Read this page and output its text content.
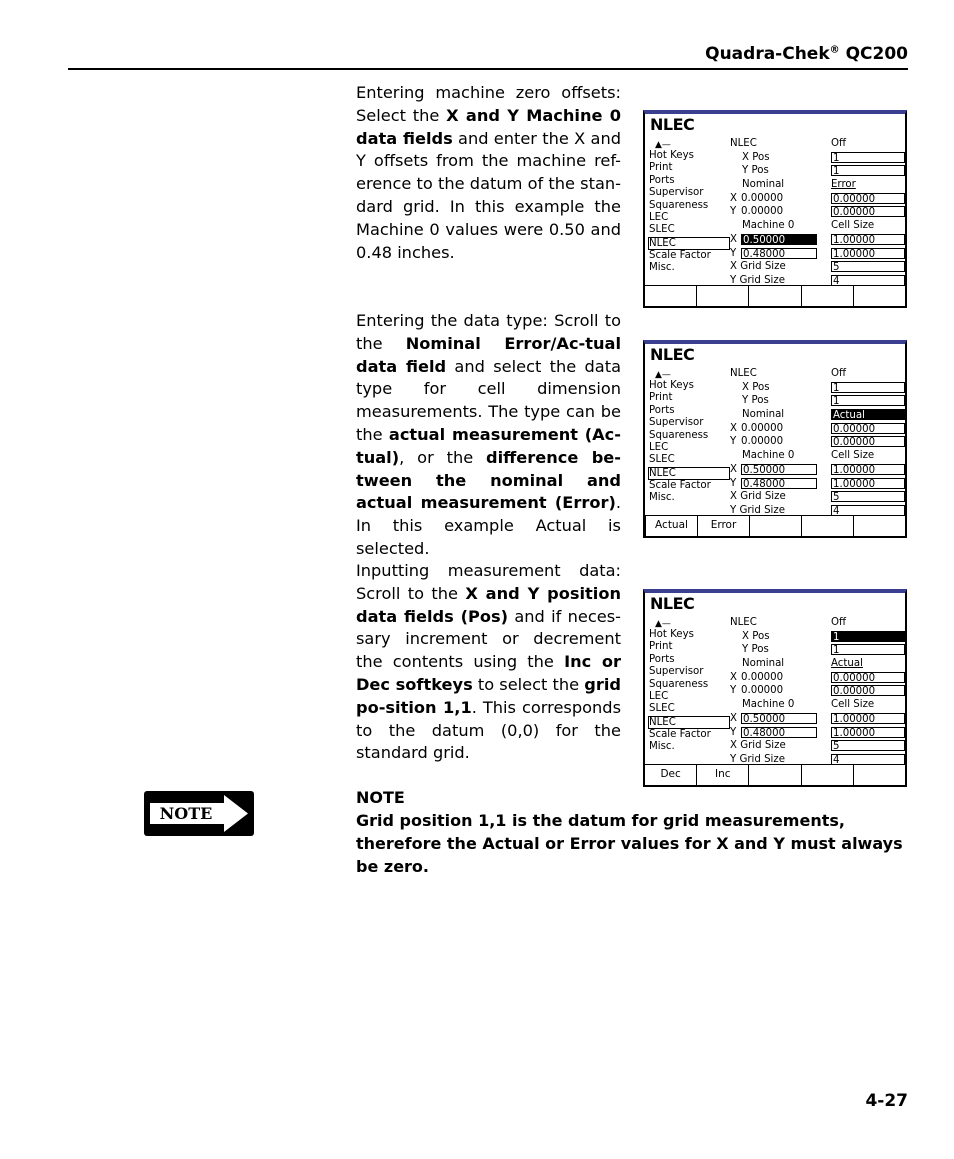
Quadra-Chek® QC200
Entering machine zero offsets: Select the X and Y Machine 0 data fields and enter the X and Y offsets from the machine ref-erence to the datum of the stan-dard grid. In this example the Machine 0 values were 0.50 and 0.48 inches.
Entering the data type: Scroll to the Nominal Error/Ac-tual data field and select the data type for cell dimension measurements. The type can be the actual measurement (Ac-tual), or the difference be-tween the nominal and actual measurement (Error). In this example Actual is selected.
Inputting measurement data: Scroll to the X and Y position data fields (Pos) and if neces-sary increment or decrement the contents using the Inc or Dec softkeys to select the grid po-sition 1,1. This corresponds to the datum (0,0) for the standard grid.
NLEC
▲—
Hot Keys
Print
Ports
Supervisor
Squareness
LEC
SLEC
NLEC
Scale Factor
Misc.
NLEC
X Pos
Y Pos
Nominal
X 0.00000
Y 0.00000
Machine 0
X 0.50000
Y 0.48000
X Grid Size
Y Grid Size
Off
1
1
Error
0.00000
0.00000
Cell Size
1.00000
1.00000
5
4
NLEC
▲—
Hot Keys
Print
Ports
Supervisor
Squareness
LEC
SLEC
NLEC
Scale Factor
Misc.
NLEC
X Pos
Y Pos
Nominal
X 0.00000
Y 0.00000
Machine 0
X 0.50000
Y 0.48000
X Grid Size
Y Grid Size
Off
1
1
Actual
0.00000
0.00000
Cell Size
1.00000
1.00000
5
4
Actual	Error
NLEC
▲—
Hot Keys
Print
Ports
Supervisor
Squareness
LEC
SLEC
NLEC
Scale Factor
Misc.
NLEC
X Pos
Y Pos
Nominal
X 0.00000
Y 0.00000
Machine 0
X 0.50000
Y 0.48000
X Grid Size
Y Grid Size
Off
1
1
Actual
0.00000
0.00000
Cell Size
1.00000
1.00000
5
4
Dec	Inc
NOTE
NOTE
Grid position 1,1 is the datum for grid measurements, therefore the Actual or Error values for X and Y must always be zero.
4-27
